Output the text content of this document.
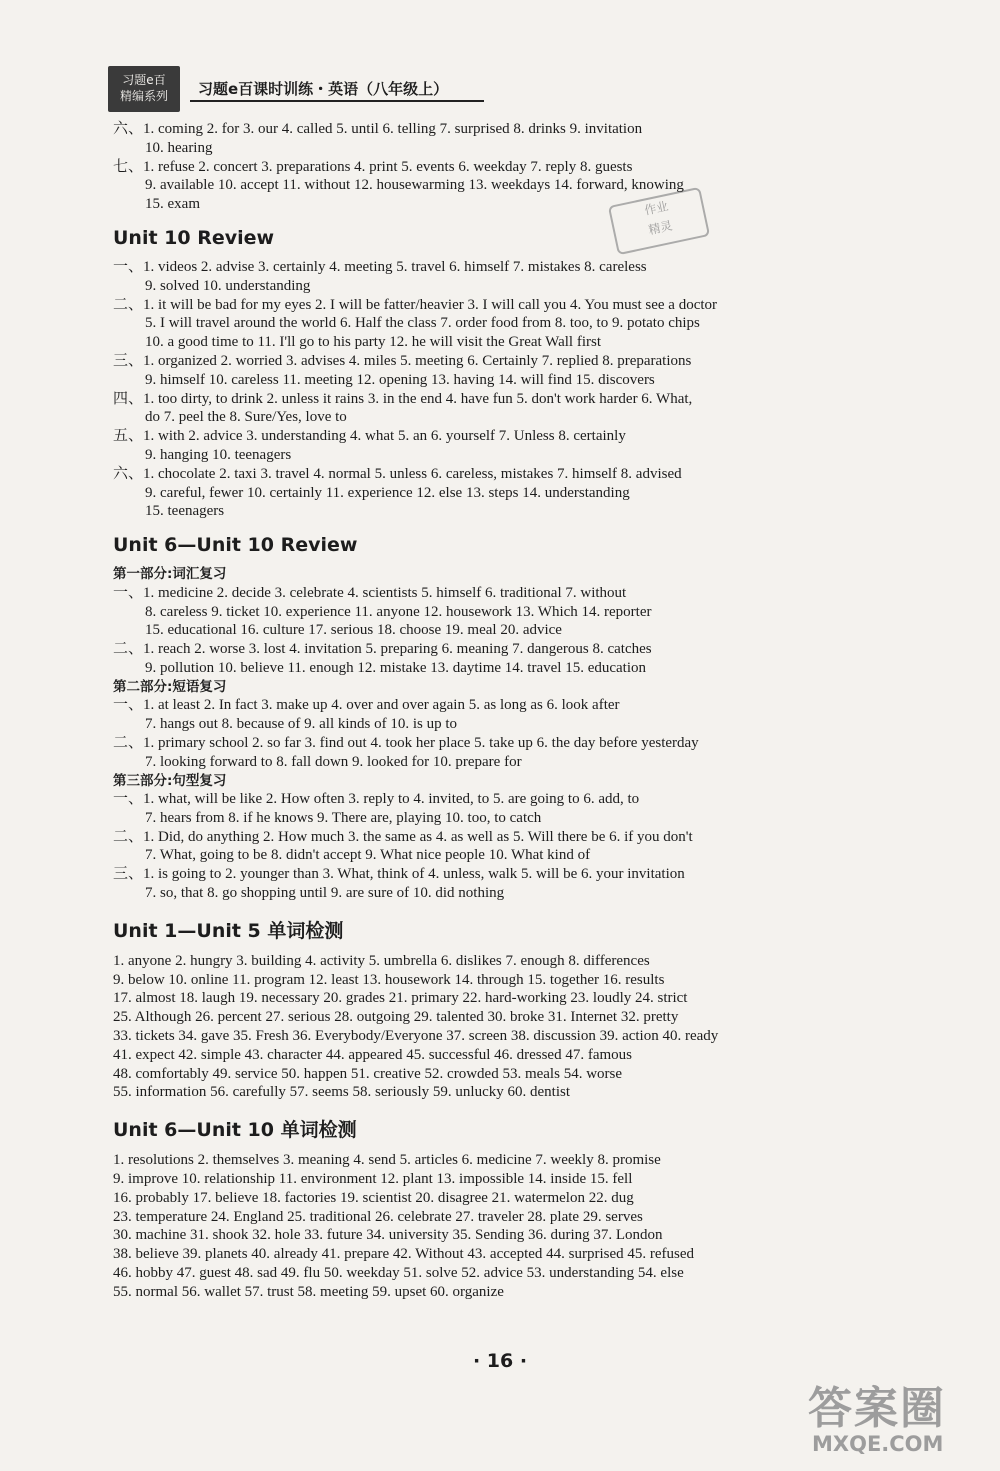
习题e百
精编系列	习题e百课时训练・英语（八年级上）
作业
精灵
六、1. coming 2. for 3. our 4. called 5. until 6. telling 7. surprised 8. drinks 9. invitation
10. hearing
七、1. refuse 2. concert 3. preparations 4. print 5. events 6. weekday 7. reply 8. guests
9. available 10. accept 11. without 12. housewarming 13. weekdays 14. forward, knowing
15. exam
Unit 10 Review
一、1. videos 2. advise 3. certainly 4. meeting 5. travel 6. himself 7. mistakes 8. careless
9. solved 10. understanding
二、1. it will be bad for my eyes 2. I will be fatter/heavier 3. I will call you 4. You must see a doctor
5. I will travel around the world 6. Half the class 7. order food from 8. too, to 9. potato chips
10. a good time to 11. I'll go to his party 12. he will visit the Great Wall first
三、1. organized 2. worried 3. advises 4. miles 5. meeting 6. Certainly 7. replied 8. preparations
9. himself 10. careless 11. meeting 12. opening 13. having 14. will find 15. discovers
四、1. too dirty, to drink 2. unless it rains 3. in the end 4. have fun 5. don't work harder 6. What,
do 7. peel the 8. Sure/Yes, love to
五、1. with 2. advice 3. understanding 4. what 5. an 6. yourself 7. Unless 8. certainly
9. hanging 10. teenagers
六、1. chocolate 2. taxi 3. travel 4. normal 5. unless 6. careless, mistakes 7. himself 8. advised
9. careful, fewer 10. certainly 11. experience 12. else 13. steps 14. understanding
15. teenagers
Unit 6—Unit 10 Review
第一部分:词汇复习
一、1. medicine 2. decide 3. celebrate 4. scientists 5. himself 6. traditional 7. without
8. careless 9. ticket 10. experience 11. anyone 12. housework 13. Which 14. reporter
15. educational 16. culture 17. serious 18. choose 19. meal 20. advice
二、1. reach 2. worse 3. lost 4. invitation 5. preparing 6. meaning 7. dangerous 8. catches
9. pollution 10. believe 11. enough 12. mistake 13. daytime 14. travel 15. education
第二部分:短语复习
一、1. at least 2. In fact 3. make up 4. over and over again 5. as long as 6. look after
7. hangs out 8. because of 9. all kinds of 10. is up to
二、1. primary school 2. so far 3. find out 4. took her place 5. take up 6. the day before yesterday
7. looking forward to 8. fall down 9. looked for 10. prepare for
第三部分:句型复习
一、1. what, will be like 2. How often 3. reply to 4. invited, to 5. are going to 6. add, to
7. hears from 8. if he knows 9. There are, playing 10. too, to catch
二、1. Did, do anything 2. How much 3. the same as 4. as well as 5. Will there be 6. if you don't
7. What, going to be 8. didn't accept 9. What nice people 10. What kind of
三、1. is going to 2. younger than 3. What, think of 4. unless, walk 5. will be 6. your invitation
7. so, that 8. go shopping until 9. are sure of 10. did nothing
Unit 1—Unit 5 单词检测
1. anyone 2. hungry 3. building 4. activity 5. umbrella 6. dislikes 7. enough 8. differences
9. below 10. online 11. program 12. least 13. housework 14. through 15. together 16. results
17. almost 18. laugh 19. necessary 20. grades 21. primary 22. hard-working 23. loudly 24. strict
25. Although 26. percent 27. serious 28. outgoing 29. talented 30. broke 31. Internet 32. pretty
33. tickets 34. gave 35. Fresh 36. Everybody/Everyone 37. screen 38. discussion 39. action 40. ready
41. expect 42. simple 43. character 44. appeared 45. successful 46. dressed 47. famous
48. comfortably 49. service 50. happen 51. creative 52. crowded 53. meals 54. worse
55. information 56. carefully 57. seems 58. seriously 59. unlucky 60. dentist
Unit 6—Unit 10 单词检测
1. resolutions 2. themselves 3. meaning 4. send 5. articles 6. medicine 7. weekly 8. promise
9. improve 10. relationship 11. environment 12. plant 13. impossible 14. inside 15. fell
16. probably 17. believe 18. factories 19. scientist 20. disagree 21. watermelon 22. dug
23. temperature 24. England 25. traditional 26. celebrate 27. traveler 28. plate 29. serves
30. machine 31. shook 32. hole 33. future 34. university 35. Sending 36. during 37. London
38. believe 39. planets 40. already 41. prepare 42. Without 43. accepted 44. surprised 45. refused
46. hobby 47. guest 48. sad 49. flu 50. weekday 51. solve 52. advice 53. understanding 54. else
55. normal 56. wallet 57. trust 58. meeting 59. upset 60. organize
· 16 ·
答案圈
MXQE.COM
